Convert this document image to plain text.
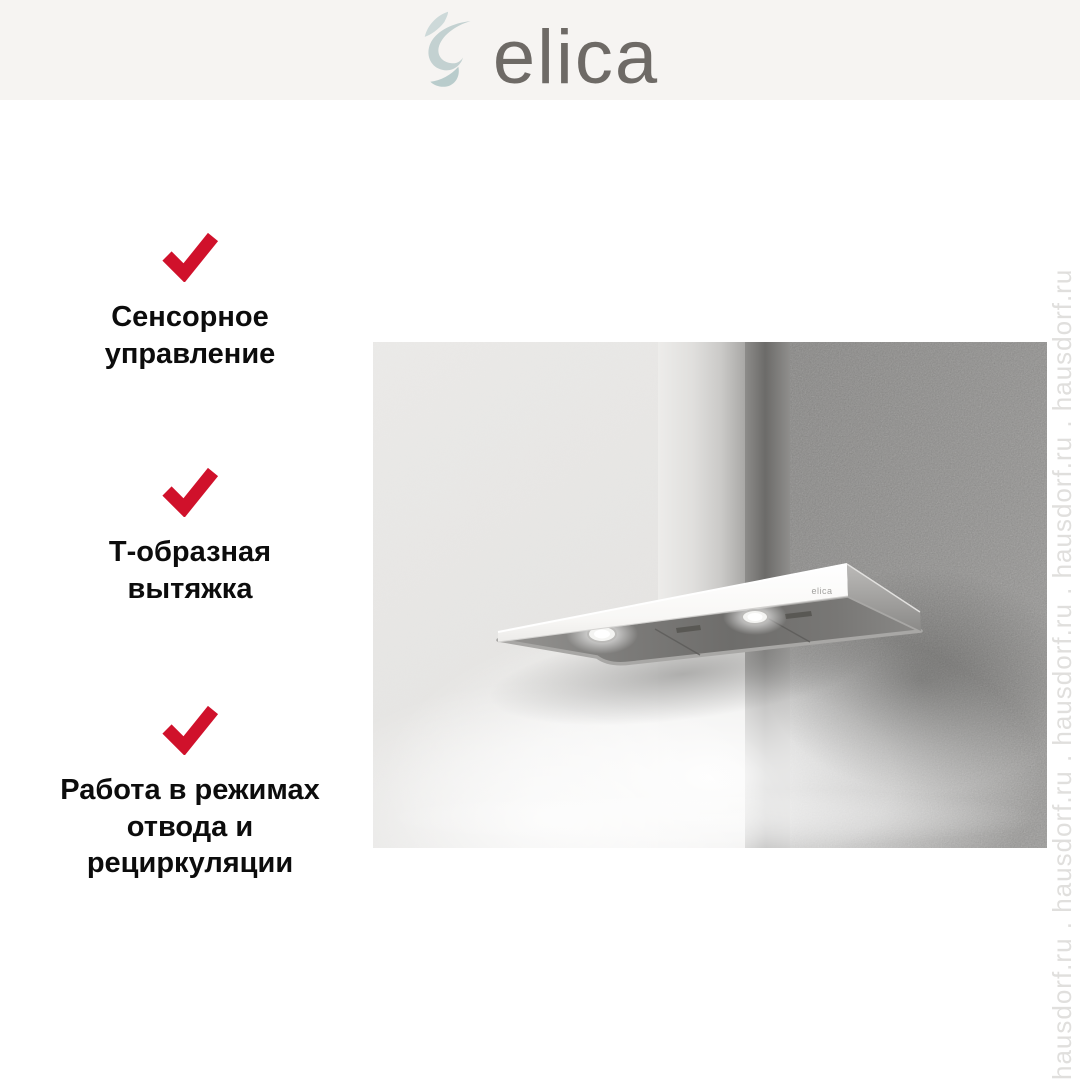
elica

Сенсорное управление

Т-образная вытяжка

Работа в режимах отвода и рециркуляции

elica	hausdorf.ru . hausdorf.ru . hausdorf.ru . hausdorf.ru . hausdorf.ru
